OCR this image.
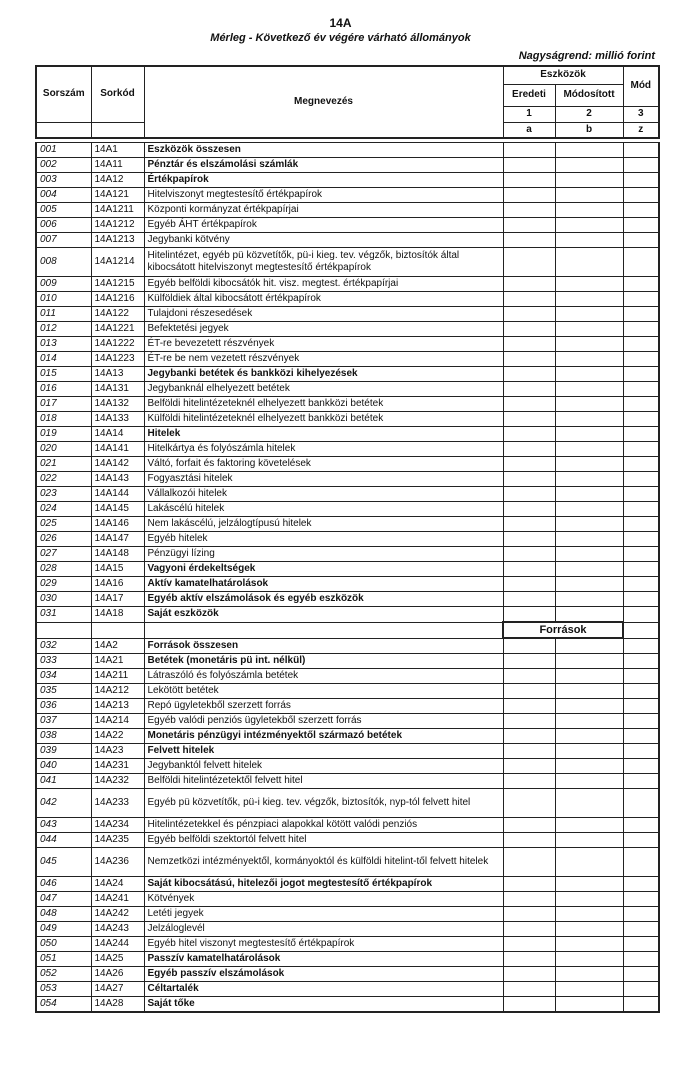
14A
Mérleg - Következő év végére várható állományok
Nagyságrend: millió forint
Sorszám	Sorkód	Megnevezés	Eszközök		Mód
			Eredeti	Módosított	
			1	2	3
			a	b	z
001	14A1	Eszközök összesen			
002	14A11	Pénztár és elszámolási számlák			
003	14A12	Értékpapírok			
004	14A121	Hitelviszonyt megtestesítő értékpapírok			
005	14A1211	Központi kormányzat értékpapírjai			
006	14A1212	Egyéb ÁHT értékpapírok			
007	14A1213	Jegybanki kötvény			
008	14A1214	Hitelintézet, egyéb pü közvetítők, pü-i kieg. tev. végzők, biztosítók által kibocsátott hitelviszonyt megtestesítő értékpapírok			
009	14A1215	Egyéb belföldi kibocsátók hit. visz. megtest. értékpapírjai			
010	14A1216	Külföldiek által kibocsátott értékpapírok			
011	14A122	Tulajdoni részesedések			
012	14A1221	Befektetési jegyek			
013	14A1222	ÉT-re bevezetett részvények			
014	14A1223	ÉT-re be nem vezetett részvények			
015	14A13	Jegybanki betétek és bankközi kihelyezések			
016	14A131	Jegybanknál elhelyezett betétek			
017	14A132	Belföldi hitelintézeteknél elhelyezett bankközi betétek			
018	14A133	Külföldi hitelintézeteknél elhelyezett bankközi betétek			
019	14A14	Hitelek			
020	14A141	Hitelkártya és folyószámla hitelek			
021	14A142	Váltó, forfait és faktoring követelések			
022	14A143	Fogyasztási hitelek			
023	14A144	Vállalkozói hitelek			
024	14A145	Lakáscélú hitelek			
025	14A146	Nem lakáscélú, jelzálogtípusú hitelek			
026	14A147	Egyéb hitelek			
027	14A148	Pénzügyi lízing			
028	14A15	Vagyoni érdekeltségek			
029	14A16	Aktív kamatelhatárolások			
030	14A17	Egyéb aktív elszámolások és egyéb eszközök			
031	14A18	Saját eszközök			
			Források		
032	14A2	Források összesen			
033	14A21	Betétek (monetáris pü int. nélkül)			
034	14A211	Látraszóló és folyószámla betétek			
035	14A212	Lekötött betétek			
036	14A213	Repó ügyletekből szerzett forrás			
037	14A214	Egyéb valódi penziós ügyletekből szerzett forrás			
038	14A22	Monetáris pénzügyi intézményektől származó betétek			
039	14A23	Felvett hitelek			
040	14A231	Jegybanktól felvett hitelek			
041	14A232	Belföldi hitelintézetektől felvett hitel			
042	14A233	Egyéb pü közvetítők, pü-i kieg. tev. végzők, biztosítók, nyp-tól felvett hitel			
043	14A234	Hitelintézetekkel és pénzpiaci alapokkal kötött valódi penziós			
044	14A235	Egyéb belföldi szektortól felvett hitel			
045	14A236	Nemzetközi intézményektől, kormányoktól és külföldi hitelint-től felvett hitelek			
046	14A24	Saját kibocsátású, hitelezői jogot megtestesítő értékpapírok			
047	14A241	Kötvények			
048	14A242	Letéti jegyek			
049	14A243	Jelzáloglevél			
050	14A244	Egyéb hitel viszonyt megtestesítő értékpapírok			
051	14A25	Passzív kamatelhatárolások			
052	14A26	Egyéb passzív elszámolások			
053	14A27	Céltartalék			
054	14A28	Saját tőke			
